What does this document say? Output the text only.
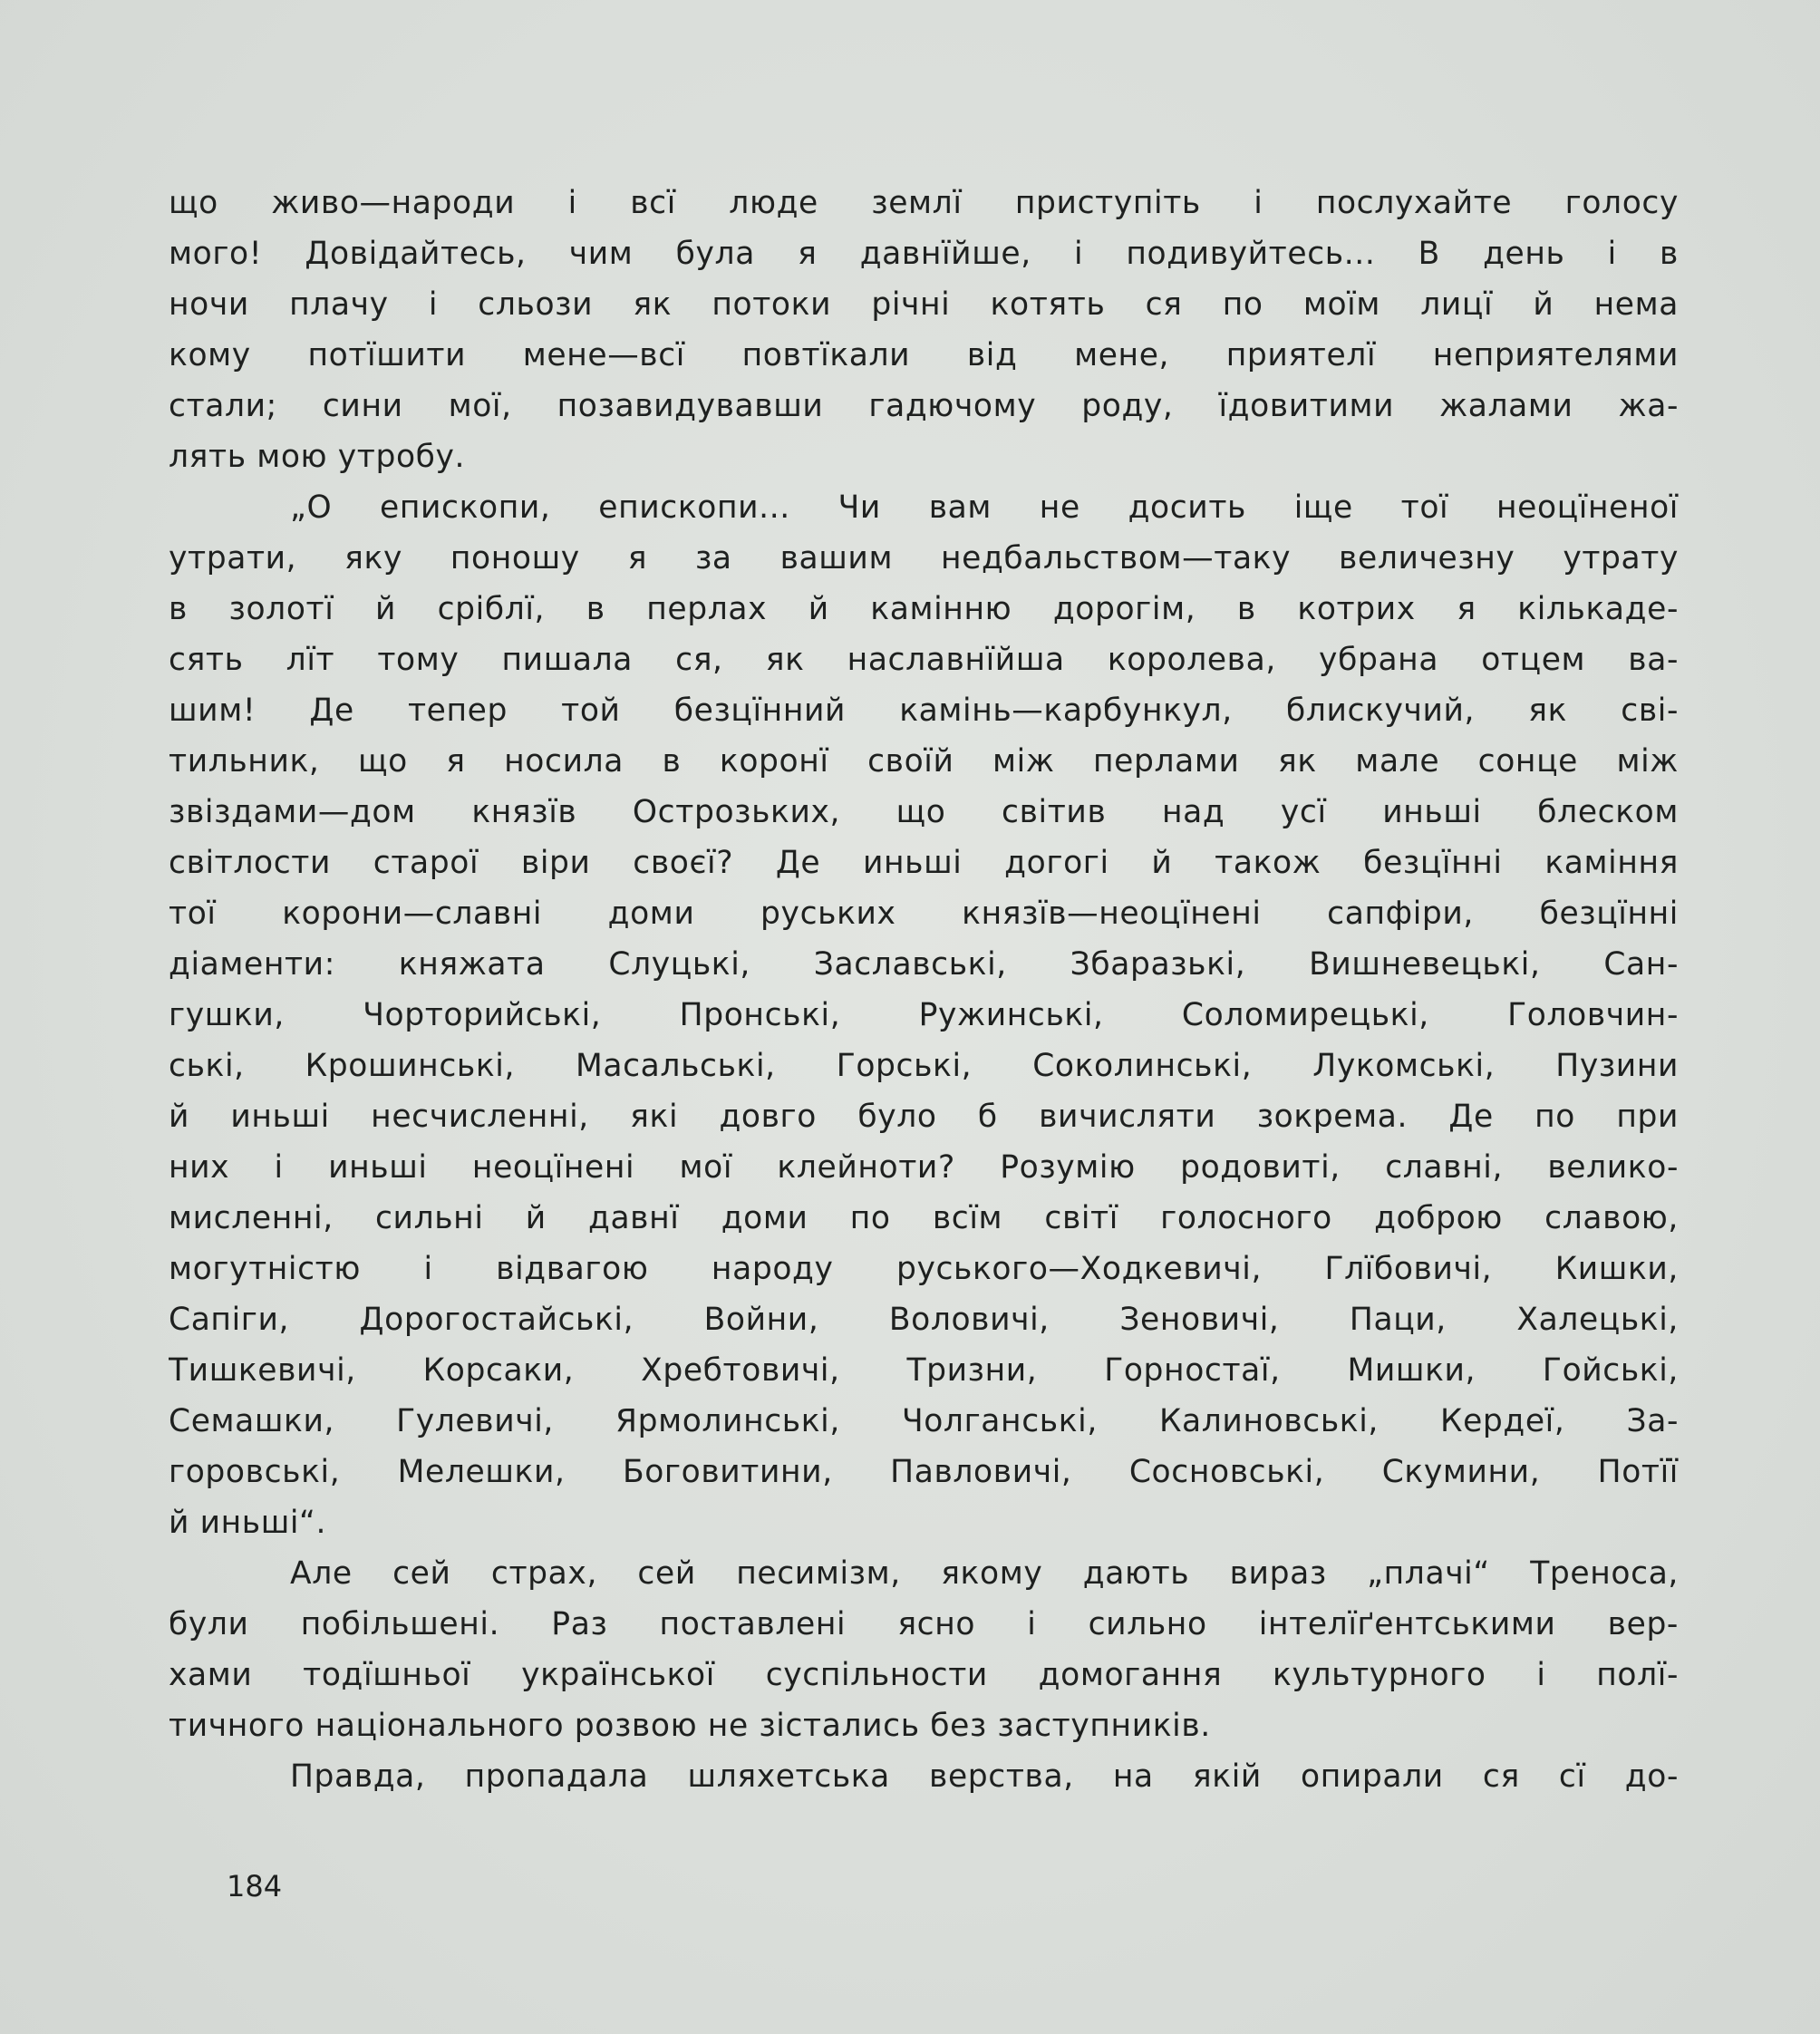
що живо—народи і всї люде землї приступіть і послухайте голосу
мого! Довідайтесь, чим була я давнїйше, і подивуйтесь... В день і в
ночи плачу і сльози як потоки річні котять ся по моїм лицї й нема
кому потїшити мене—всї повтїкали від мене, приятелї неприятелями
стали; сини мої, позавидувавши гадючому роду, їдовитими жалами жа-
лять мою утробу.
„О епископи, епископи... Чи вам не досить іще тої неоцїненої
утрати, яку поношу я за вашим недбальством—таку величезну утрату
в золотї й сріблї, в перлах й камінню дорогім, в котрих я кількаде-
сять лїт тому пишала ся, як наславнїйша королева, убрана отцем ва-
шим! Де тепер той безцїнний камінь—карбункул, блискучий, як сві-
тильник, що я носила в коронї своїй між перлами як мале сонце між
звіздами—дом князїв Острозьких, що світив над усї иньші блеском
світлости старої віри своєї? Де иньші догогі й також безцїнні каміння
тої корони—славні доми руських князїв—неоцїнені сапфіри, безцїнні
діаменти: княжата Слуцькі, Заславські, Збаразькі, Вишневецькі, Сан-
гушки, Чорторийські, Пронські, Ружинські, Соломирецькі, Головчин-
ські, Крошинські, Масальські, Горські, Соколинські, Лукомські, Пузини
й иньші несчисленні, які довго було б вичисляти зокрема. Де по при
них і иньші неоцїнені мої клейноти? Розумію родовиті, славні, велико-
мисленні, сильні й давнї доми по всїм світї голосного доброю славою,
могутністю і відвагою народу руського—Ходкевичі, Глїбовичі, Кишки,
Сапіги, Дорогостайські, Войни, Воловичі, Зеновичі, Паци, Халецькі,
Тишкевичі, Корсаки, Хребтовичі, Тризни, Горностаї, Мишки, Гойські,
Семашки, Гулевичі, Ярмолинські, Чолганські, Калиновські, Кердеї, За-
горовські, Мелешки, Боговитини, Павловичі, Сосновські, Скумини, Потїї
й иньші“.
Але сей страх, сей песимізм, якому дають вираз „плачі“ Треноса,
були побільшені. Раз поставлені ясно і сильно інтелїґентськими вер-
хами тодїшньої української суспільности домогання культурного і полї-
тичного національного розвою не зістались без заступників.
Правда, пропадала шляхетська верства, на якій опирали ся сї до-
184
